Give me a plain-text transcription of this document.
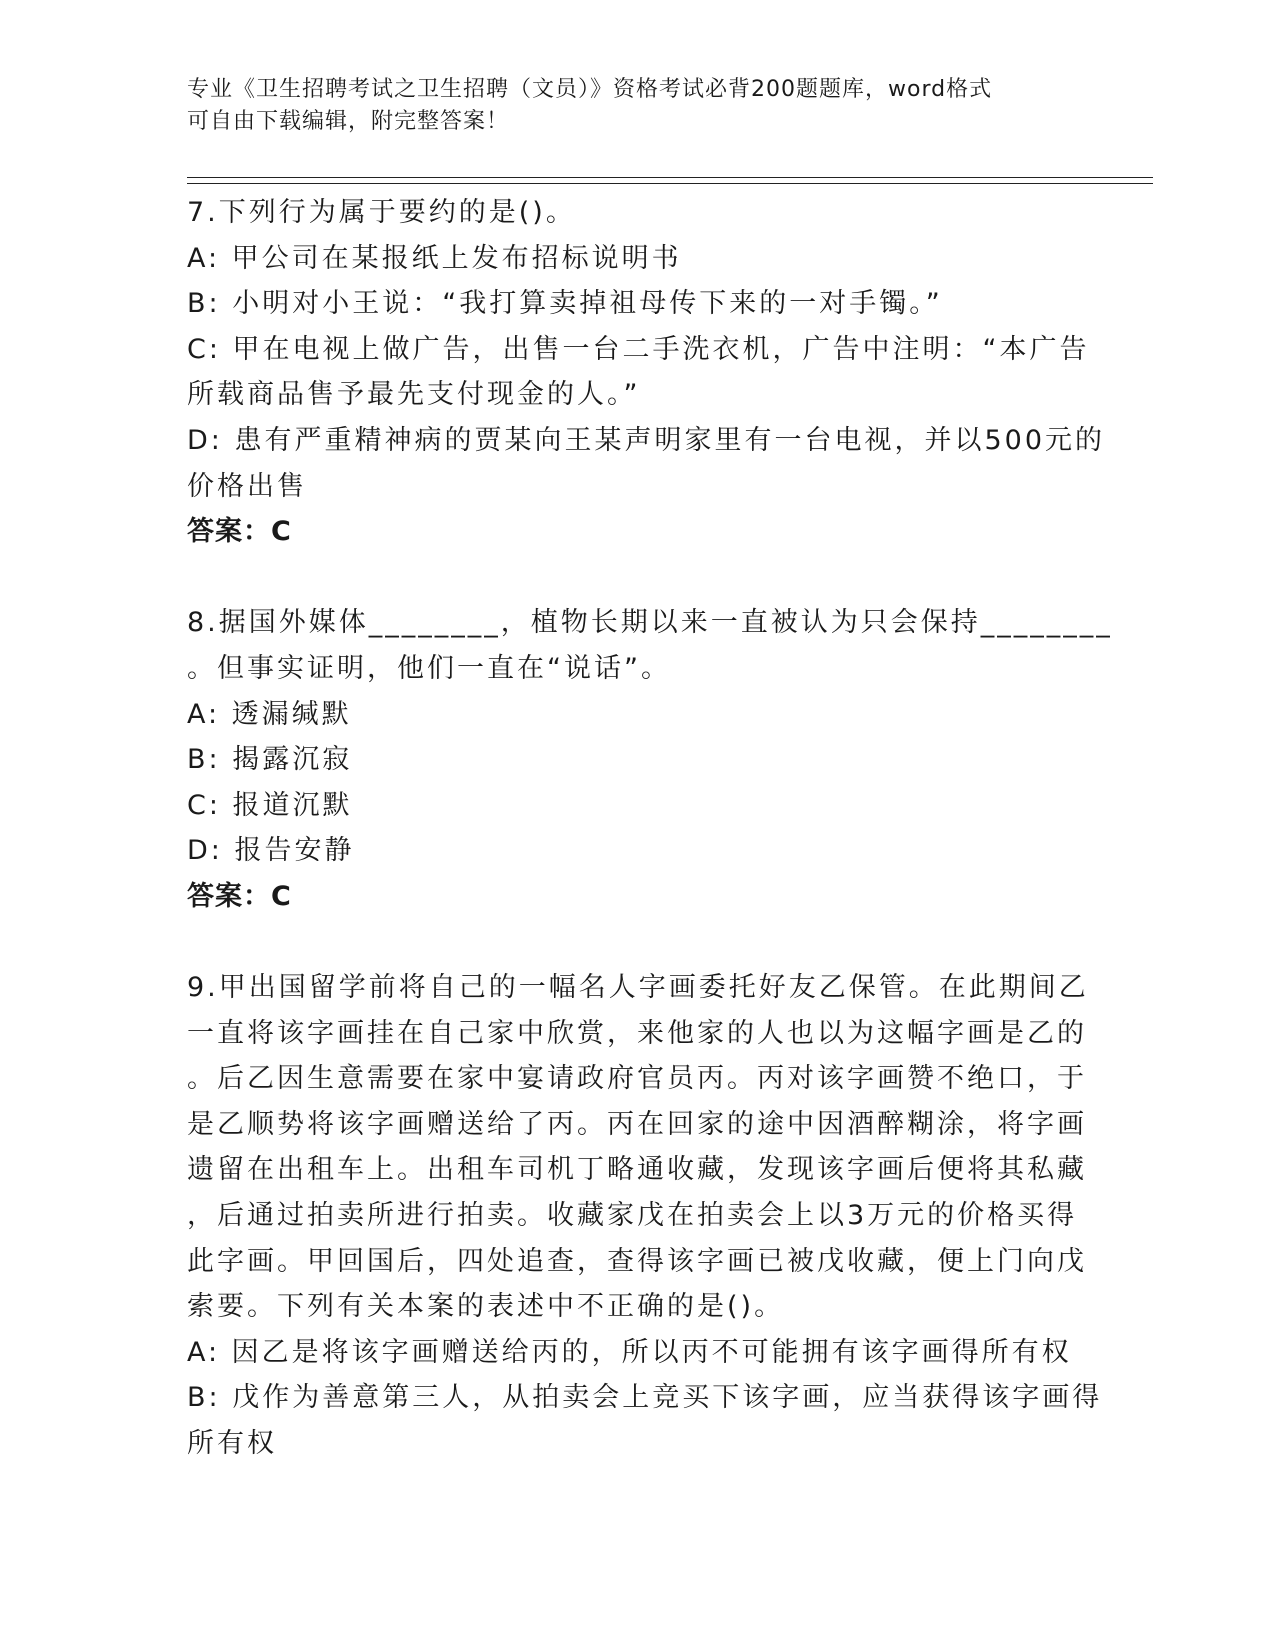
专业《卫生招聘考试之卫生招聘（文员）》资格考试必背200题题库，word格式
可自由下载编辑，附完整答案！
7.下列行为属于要约的是()。
A: 甲公司在某报纸上发布招标说明书
B: 小明对小王说：“我打算卖掉祖母传下来的一对手镯。”
C: 甲在电视上做广告，出售一台二手洗衣机，广告中注明：“本广告
所载商品售予最先支付现金的人。”
D: 患有严重精神病的贾某向王某声明家里有一台电视，并以500元的
价格出售
答案：C
8.据国外媒体________，植物长期以来一直被认为只会保持________
。但事实证明，他们一直在“说话”。
A: 透漏缄默
B: 揭露沉寂
C: 报道沉默
D: 报告安静
答案：C
9.甲出国留学前将自己的一幅名人字画委托好友乙保管。在此期间乙
一直将该字画挂在自己家中欣赏，来他家的人也以为这幅字画是乙的
。后乙因生意需要在家中宴请政府官员丙。丙对该字画赞不绝口，于
是乙顺势将该字画赠送给了丙。丙在回家的途中因酒醉糊涂，将字画
遗留在出租车上。出租车司机丁略通收藏，发现该字画后便将其私藏
，后通过拍卖所进行拍卖。收藏家戊在拍卖会上以3万元的价格买得
此字画。甲回国后，四处追查，查得该字画已被戊收藏，便上门向戊
索要。下列有关本案的表述中不正确的是()。
A: 因乙是将该字画赠送给丙的，所以丙不可能拥有该字画得所有权
B: 戊作为善意第三人，从拍卖会上竞买下该字画，应当获得该字画得
所有权
